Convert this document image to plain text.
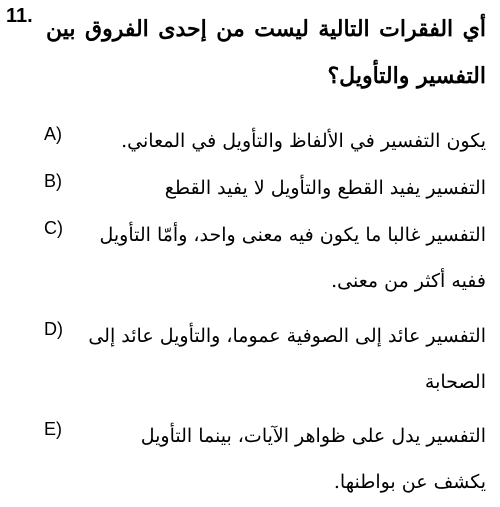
11. أي الفقرات التالية ليست من إحدى الفروق بين التفسير والتأويل؟
A)	يكون التفسير في الألفاظ والتأويل في المعاني.
B)	التفسير يفيد القطع والتأويل لا يفيد القطع
C)	التفسير غالبا ما يكون فيه معنى واحد، وأمّا التأويل ففيه أكثر من معنى.
D) التفسير عائد إلى الصوفية عموما، والتأويل عائد إلى الصحابة
E)	التفسير يدل على ظواهر الآيات، بينما التأويل يكشف عن بواطنها.
